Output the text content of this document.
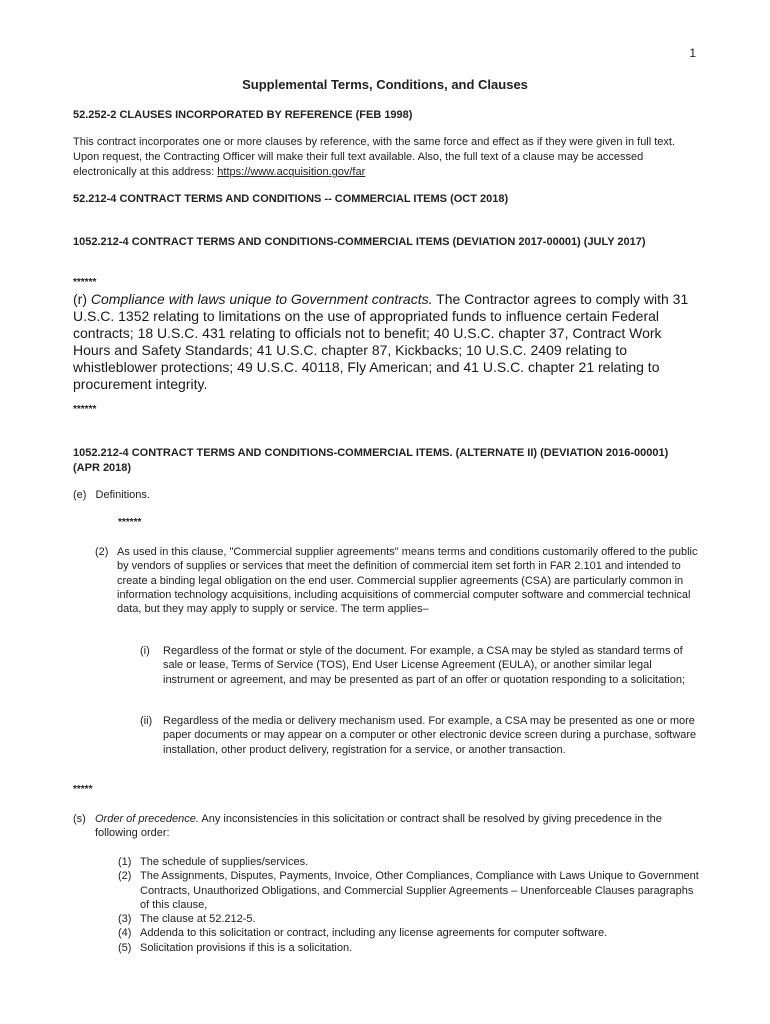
1
Supplemental Terms, Conditions, and Clauses
52.252-2 CLAUSES INCORPORATED BY REFERENCE (FEB 1998)
This contract incorporates one or more clauses by reference, with the same force and effect as if they were given in full text. Upon request, the Contracting Officer will make their full text available. Also, the full text of a clause may be accessed electronically at this address: https://www.acquisition.gov/far
52.212-4 CONTRACT TERMS AND CONDITIONS -- COMMERCIAL ITEMS (OCT 2018)
1052.212-4 CONTRACT TERMS AND CONDITIONS-COMMERCIAL ITEMS (DEVIATION 2017-00001) (JULY 2017)
******
(r) Compliance with laws unique to Government contracts. The Contractor agrees to comply with 31 U.S.C. 1352 relating to limitations on the use of appropriated funds to influence certain Federal contracts; 18 U.S.C. 431 relating to officials not to benefit; 40 U.S.C. chapter 37, Contract Work Hours and Safety Standards; 41 U.S.C. chapter 87, Kickbacks; 10 U.S.C. 2409 relating to whistleblower protections; 49 U.S.C. 40118, Fly American; and 41 U.S.C. chapter 21 relating to procurement integrity.
******
1052.212-4 CONTRACT TERMS AND CONDITIONS-COMMERCIAL ITEMS. (ALTERNATE II) (DEVIATION 2016-00001) (APR 2018)
(e) Definitions.
******
(2) As used in this clause, "Commercial supplier agreements" means terms and conditions customarily offered to the public by vendors of supplies or services that meet the definition of commercial item set forth in FAR 2.101 and intended to create a binding legal obligation on the end user. Commercial supplier agreements (CSA) are particularly common in information technology acquisitions, including acquisitions of commercial computer software and commercial technical data, but they may apply to supply or service. The term applies–
(i) Regardless of the format or style of the document. For example, a CSA may be styled as standard terms of sale or lease, Terms of Service (TOS), End User License Agreement (EULA), or another similar legal instrument or agreement, and may be presented as part of an offer or quotation responding to a solicitation;
(ii) Regardless of the media or delivery mechanism used. For example, a CSA may be presented as one or more paper documents or may appear on a computer or other electronic device screen during a purchase, software installation, other product delivery, registration for a service, or another transaction.
*****
(s) Order of precedence. Any inconsistencies in this solicitation or contract shall be resolved by giving precedence in the following order:
(1) The schedule of supplies/services.
(2) The Assignments, Disputes, Payments, Invoice, Other Compliances, Compliance with Laws Unique to Government Contracts, Unauthorized Obligations, and Commercial Supplier Agreements – Unenforceable Clauses paragraphs of this clause,
(3) The clause at 52.212-5.
(4) Addenda to this solicitation or contract, including any license agreements for computer software.
(5) Solicitation provisions if this is a solicitation.
